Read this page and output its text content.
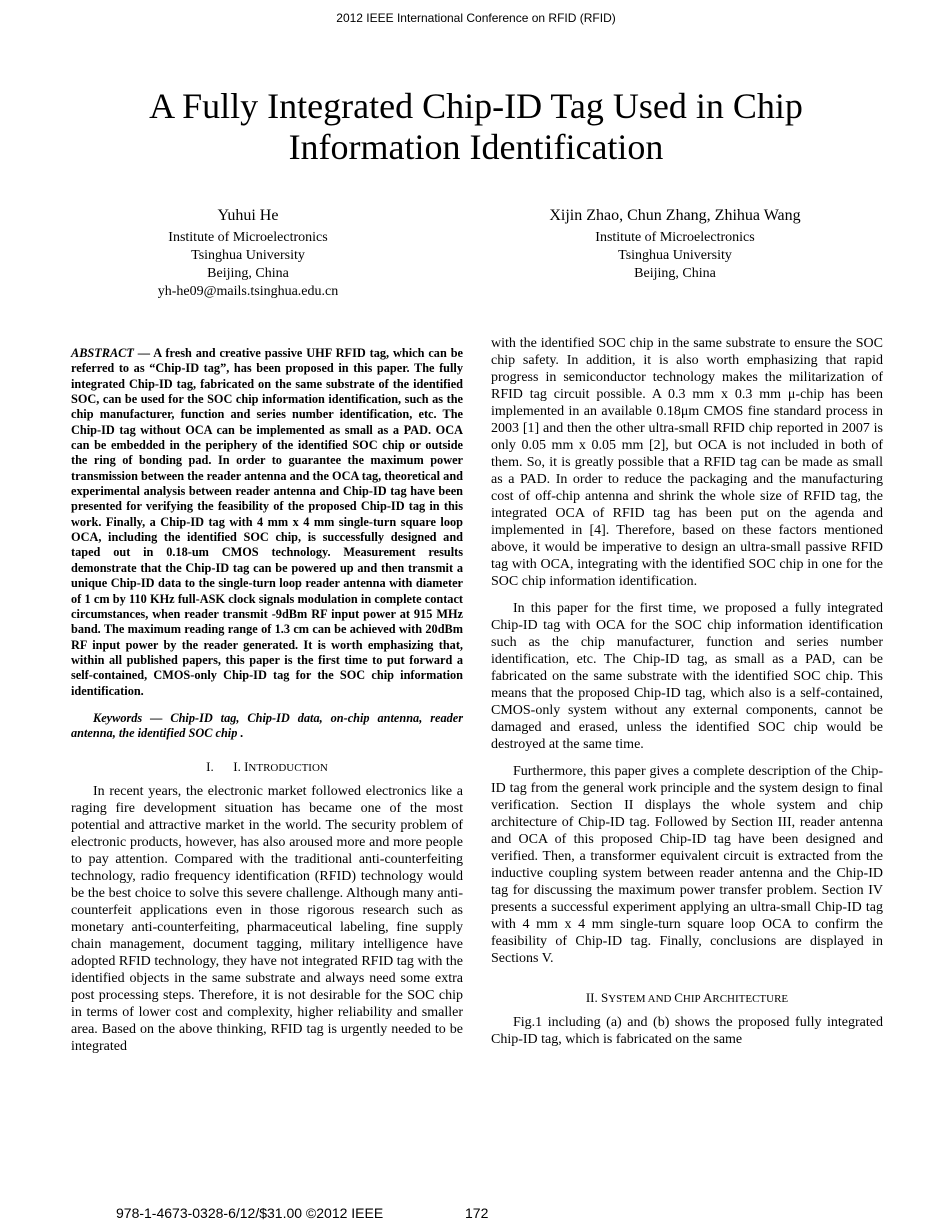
2012 IEEE International Conference on RFID (RFID)
A Fully Integrated Chip-ID Tag Used in Chip Information Identification
Yuhui He
Institute of Microelectronics
Tsinghua University
Beijing, China
yh-he09@mails.tsinghua.edu.cn
Xijin Zhao, Chun Zhang, Zhihua Wang
Institute of Microelectronics
Tsinghua University
Beijing, China
ABSTRACT — A fresh and creative passive UHF RFID tag, which can be referred to as “Chip-ID tag”, has been proposed in this paper. The fully integrated Chip-ID tag, fabricated on the same substrate of the identified SOC, can be used for the SOC chip information identification, such as the chip manufacturer, function and series number identification, etc. The Chip-ID tag without OCA can be implemented as small as a PAD. OCA can be embedded in the periphery of the identified SOC chip or outside the ring of bonding pad. In order to guarantee the maximum power transmission between the reader antenna and the OCA tag, theoretical and experimental analysis between reader antenna and Chip-ID tag have been presented for verifying the feasibility of the proposed Chip-ID tag in this work. Finally, a Chip-ID tag with 4 mm x 4 mm single-turn square loop OCA, including the identified SOC chip, is successfully designed and taped out in 0.18-um CMOS technology. Measurement results demonstrate that the Chip-ID tag can be powered up and then transmit a unique Chip-ID data to the single-turn loop reader antenna with diameter of 1 cm by 110 KHz full-ASK clock signals modulation in complete contact circumstances, when reader transmit -9dBm RF input power at 915 MHz band. The maximum reading range of 1.3 cm can be achieved with 20dBm RF input power by the reader generated. It is worth emphasizing that, within all published papers, this paper is the first time to put forward a self-contained, CMOS-only Chip-ID tag for the SOC chip information identification.
Keywords — Chip-ID tag, Chip-ID data, on-chip antenna, reader antenna, the identified SOC chip .
I. I. INTRODUCTION

In recent years, the electronic market followed electronics like a raging fire development situation has became one of the most potential and attractive market in the world. The security problem of electronic products, however, has also aroused more and more people to pay attention. Compared with the traditional anti-counterfeiting technology, radio frequency identification (RFID) technology would be the best choice to solve this severe challenge. Although many anti-counterfeit applications even in those rigorous research such as monetary anti-counterfeiting, pharmaceutical labeling, fine supply chain management, document tagging, military intelligence have adopted RFID technology, they have not integrated RFID tag with the identified objects in the same substrate and always need some extra post processing steps. Therefore, it is not desirable for the SOC chip in terms of lower cost and complexity, higher reliability and smaller area. Based on the above thinking, RFID tag is urgently needed to be integrated

with the identified SOC chip in the same substrate to ensure the SOC chip safety. In addition, it is also worth emphasizing that rapid progress in semiconductor technology makes the militarization of RFID tag circuit possible. A 0.3 mm x 0.3 mm μ-chip has been implemented in an available 0.18μm CMOS fine standard process in 2003 [1] and then the other ultra-small RFID chip reported in 2007 is only 0.05 mm x 0.05 mm [2], but OCA is not included in both of them. So, it is greatly possible that a RFID tag can be made as small as a PAD. In order to reduce the packaging and the manufacturing cost of off-chip antenna and shrink the whole size of RFID tag, the integrated OCA of RFID tag has been put on the agenda and implemented in [4]. Therefore, based on these factors mentioned above, it would be imperative to design an ultra-small passive RFID tag with OCA, integrating with the identified SOC chip in one for the SOC chip information identification.

In this paper for the first time, we proposed a fully integrated Chip-ID tag with OCA for the SOC chip information identification such as the chip manufacturer, function and series number identification, etc. The Chip-ID tag, as small as a PAD, can be fabricated on the same substrate with the identified SOC chip. This means that the proposed Chip-ID tag, which also is a self-contained, CMOS-only system without any external components, cannot be damaged and erased, unless the identified SOC chip would be destroyed at the same time.

Furthermore, this paper gives a complete description of the Chip-ID tag from the general work principle and the system design to final verification. Section II displays the whole system and chip architecture of Chip-ID tag. Followed by Section III, reader antenna and OCA of this proposed Chip-ID tag have been designed and verified. Then, a transformer equivalent circuit is extracted from the inductive coupling system between reader antenna and the Chip-ID tag for discussing the maximum power transfer problem. Section IV presents a successful experiment applying an ultra-small Chip-ID tag with 4 mm x 4 mm single-turn square loop OCA to confirm the feasibility of Chip-ID tag. Finally, conclusions are displayed in Sections V.

II. SYSTEM AND CHIP ARCHITECTURE

Fig.1 including (a) and (b) shows the proposed fully integrated Chip-ID tag, which is fabricated on the same

978-1-4673-0328-6/12/$31.00 ©2012 IEEE	172
